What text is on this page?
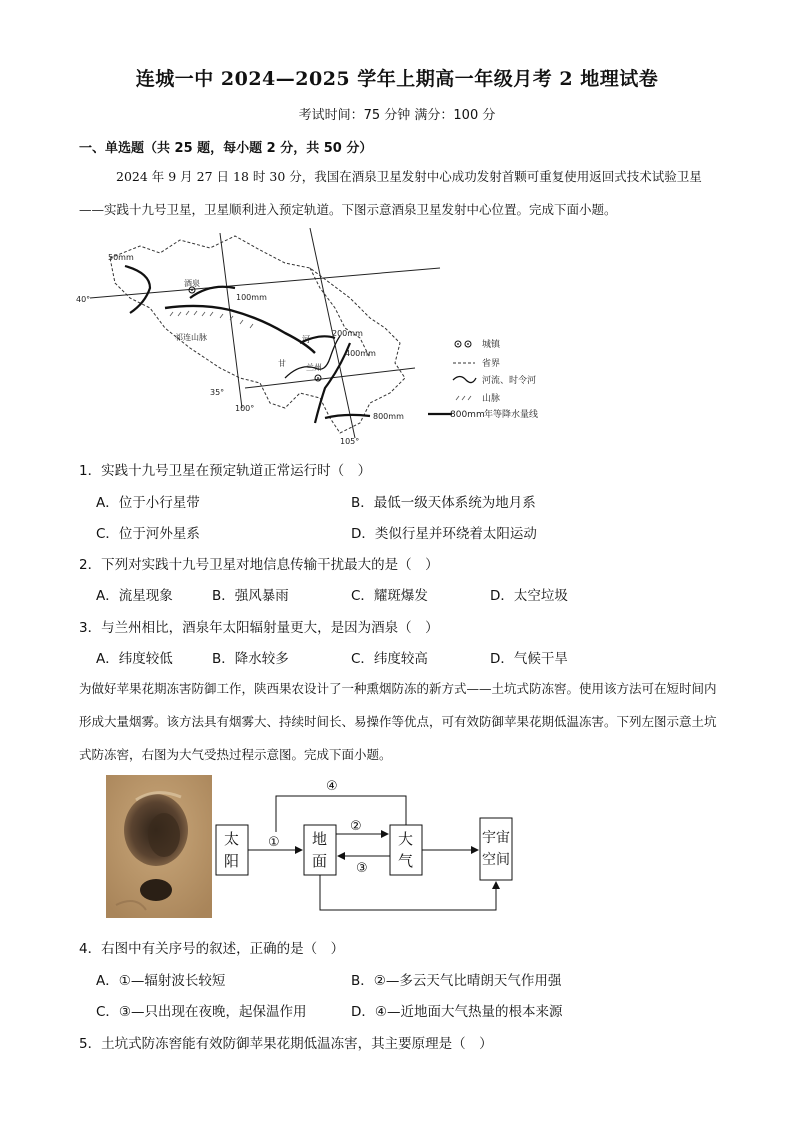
连城一中 2024—2025 学年上期高一年级月考 2 地理试卷
考试时间：75 分钟 满分：100 分
一、单选题（共 25 题，每小题 2 分，共 50 分）
2024 年 9 月 27 日 18 时 30 分，我国在酒泉卫星发射中心成功发射首颗可重复使用返回式技术试验卫星——实践十九号卫星，卫星顺利进入预定轨道。下图示意酒泉卫星发射中心位置。完成下面小题。
50mm
100mm
200mm
400mm
800mm
40°
35°
100°
105°
酒泉
祁连山脉	河
兰州
甘
城镇
省界
河流、时令河
山脉
800mm 年等降水量线
1．实践十九号卫星在预定轨道正常运行时（　）
A．位于小行星带	B．最低一级天体系统为地月系
C．位于河外星系	D．类似行星并环绕着太阳运动
2．下列对实践十九号卫星对地信息传输干扰最大的是（　）
A．流星现象	B．强风暴雨	C．耀斑爆发	D．太空垃圾
3．与兰州相比，酒泉年太阳辐射量更大，是因为酒泉（　）
A．纬度较低	B．降水较多	C．纬度较高	D．气候干旱
为做好苹果花期冻害防御工作，陕西果农设计了一种熏烟防冻的新方式——土坑式防冻窖。使用该方法可在短时间内形成大量烟雾。该方法具有烟雾大、持续时间长、易操作等优点，可有效防御苹果花期低温冻害。下列左图示意土坑式防冻窖，右图为大气受热过程示意图。完成下面小题。
太
阳
地
面
大
气
宇宙
空间
①
②
③
④
4．右图中有关序号的叙述，正确的是（　）
A．①—辐射波长较短	B．②—多云天气比晴朗天气作用强
C．③—只出现在夜晚，起保温作用	D．④—近地面大气热量的根本来源
5．土坑式防冻窖能有效防御苹果花期低温冻害，其主要原理是（　）
